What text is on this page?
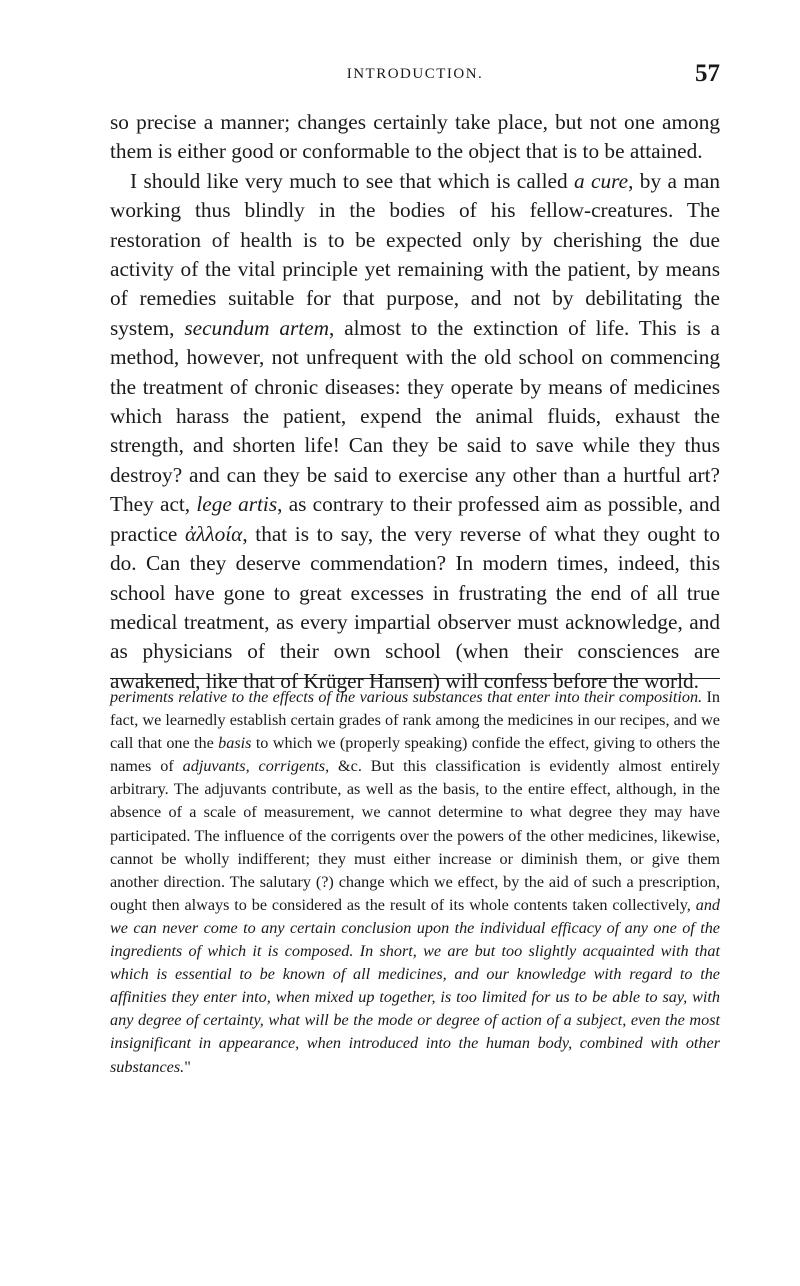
INTRODUCTION.	57

so precise a manner; changes certainly take place, but not one among them is either good or conformable to the object that is to be attained.

I should like very much to see that which is called a cure, by a man working thus blindly in the bodies of his fellow-creatures. The restoration of health is to be expected only by cherishing the due activity of the vital principle yet remaining with the patient, by means of remedies suitable for that purpose, and not by debilitating the system, secundum artem, almost to the extinction of life. This is a method, however, not unfrequent with the old school on commencing the treatment of chronic diseases: they operate by means of medicines which harass the patient, expend the animal fluids, exhaust the strength, and shorten life! Can they be said to save while they thus destroy? and can they be said to exercise any other than a hurtful art? They act, lege artis, as contrary to their professed aim as possible, and practice ἀλλοία, that is to say, the very reverse of what they ought to do. Can they deserve commendation? In modern times, indeed, this school have gone to great excesses in frustrating the end of all true medical treatment, as every impartial observer must acknowledge, and as physicians of their own school (when their consciences are awakened, like that of Krüger Hansen) will confess before the world.

periments relative to the effects of the various substances that enter into their composition. In fact, we learnedly establish certain grades of rank among the medicines in our recipes, and we call that one the basis to which we (properly speaking) confide the effect, giving to others the names of adjuvants, corrigents, &c. But this classification is evidently almost entirely arbitrary. The adjuvants contribute, as well as the basis, to the entire effect, although, in the absence of a scale of measurement, we cannot determine to what degree they may have participated. The influence of the corrigents over the powers of the other medicines, likewise, cannot be wholly indifferent; they must either increase or diminish them, or give them another direction. The salutary (?) change which we effect, by the aid of such a prescription, ought then always to be considered as the result of its whole contents taken collectively, and we can never come to any certain conclusion upon the individual efficacy of any one of the ingredients of which it is composed. In short, we are but too slightly acquainted with that which is essential to be known of all medicines, and our knowledge with regard to the affinities they enter into, when mixed up together, is too limited for us to be able to say, with any degree of certainty, what will be the mode or degree of action of a subject, even the most insignificant in appearance, when introduced into the human body, combined with other substances."
